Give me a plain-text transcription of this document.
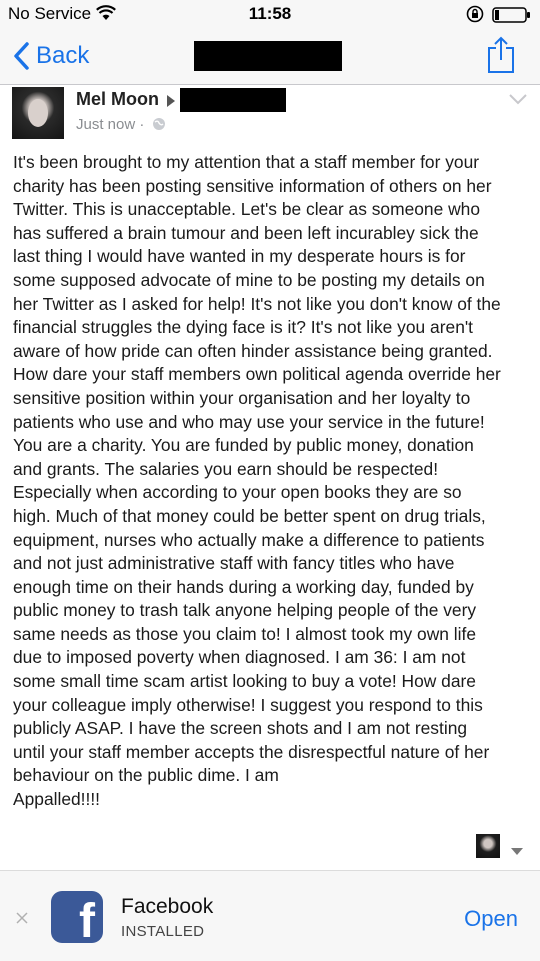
No Service	11:58
Back
Mel Moon
Just now ·

It's been brought to my attention that a staff member for your
charity has been posting sensitive information of others on her
Twitter. This is unacceptable. Let's be clear as someone who
has suffered a brain tumour and been left incurabley sick the
last thing I would have wanted in my desperate hours is for
some supposed advocate of mine to be posting my details on
her Twitter as I asked for help! It's not like you don't know of the
financial struggles the dying face is it? It's not like you aren't
aware of how pride can often hinder assistance being granted.
How dare your staff members own political agenda override her
sensitive position within your organisation and her loyalty to
patients who use and who may use your service in the future!
You are a charity. You are funded by public money, donation
and grants. The salaries you earn should be respected!
Especially when according to your open books they are so
high. Much of that money could be better spent on drug trials,
equipment, nurses who actually make a difference to patients
and not just administrative staff with fancy titles who have
enough time on their hands during a working day, funded by
public money to trash talk anyone helping people of the very
same needs as those you claim to! I almost took my own life
due to imposed poverty when diagnosed. I am 36: I am not
some small time scam artist looking to buy a vote! How dare
your colleague imply otherwise! I suggest you respond to this
publicly ASAP. I have the screen shots and I am not resting
until your staff member accepts the disrespectful nature of her
behaviour on the public dime. I am
Appalled!!!!

f Facebook
INSTALLED
Open
